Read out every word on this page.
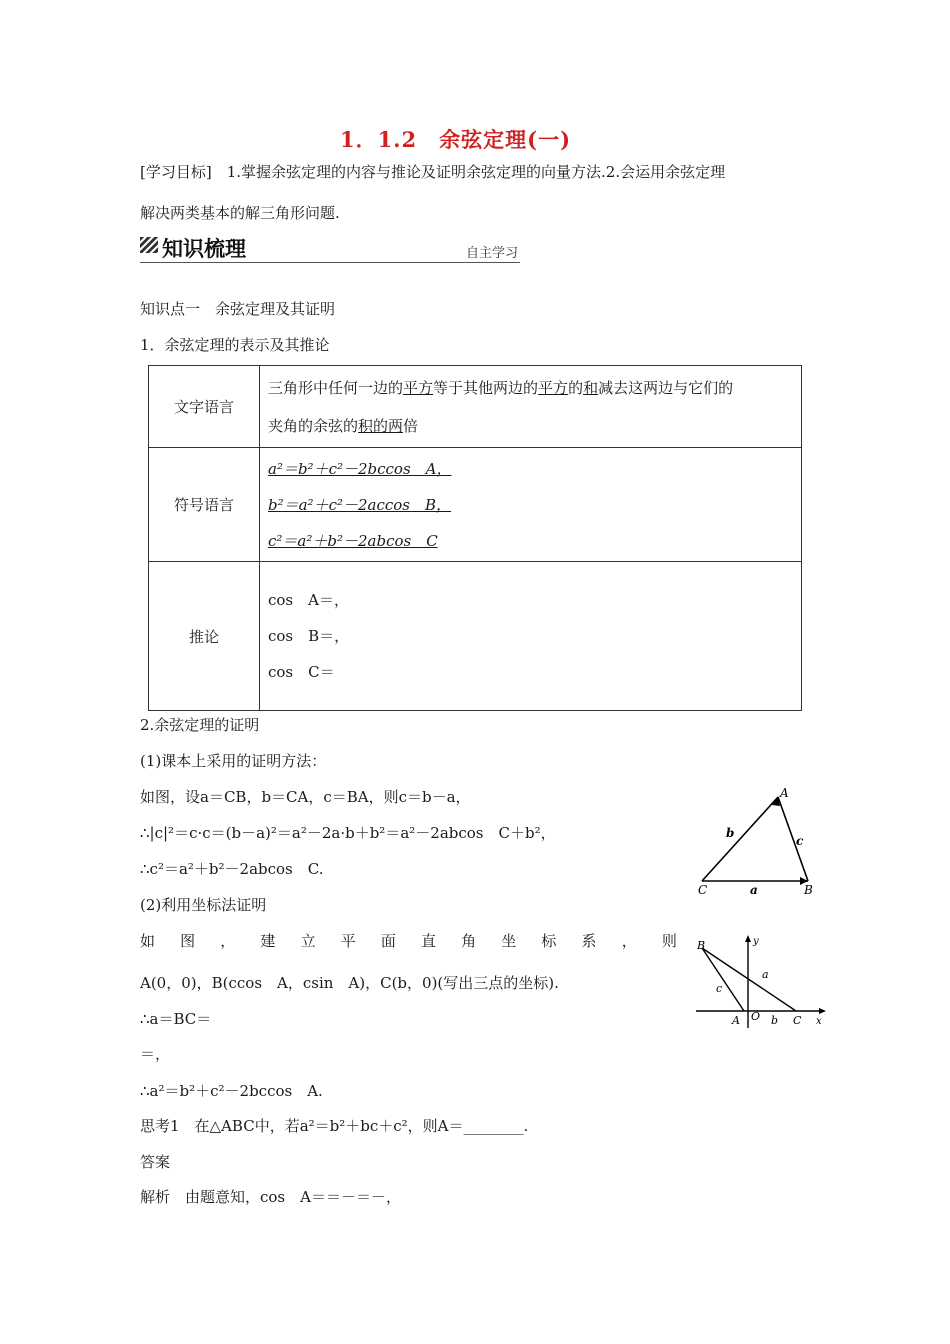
1．1.2　余弦定理(一)
[学习目标]　1.掌握余弦定理的内容与推论及证明余弦定理的向量方法.2.会运用余弦定理
解决两类基本的解三角形问题.
知识梳理	自主学习
知识点一　余弦定理及其证明
1．余弦定理的表示及其推论
文字语言	三角形中任何一边的平方等于其他两边的平方的和减去这两边与它们的
夹角的余弦的积的两倍

符号语言	a²＝b²＋c²－2bccos　A，
b²＝a²＋c²－2accos　B，
c²＝a²＋b²－2abcos　C

推论	cos　A＝，
cos　B＝，
cos　C＝
2.余弦定理的证明
(1)课本上采用的证明方法：
如图，设a＝CB，b＝CA，c＝BA，则c＝b－a，
∴|c|²＝c·c＝(b－a)²＝a²－2a·b＋b²＝a²－2abcos　C＋b²，
∴c²＝a²＋b²－2abcos　C.
A
B
C	a
b
c
(2)利用坐标法证明
如 图 ， 建 立 平 面 直 角 坐 标 系 ， 则
A(0，0)，B(ccos　A，csin　A)，C(b，0)(写出三点的坐标).
∴a＝BC＝
＝，
∴a²＝b²＋c²－2bccos　A.
B
A O	C x
y
a
c
b
思考1　在△ABC中，若a²＝b²＋bc＋c²，则A＝________.
答案
解析　由题意知，cos　A＝＝－＝－，
